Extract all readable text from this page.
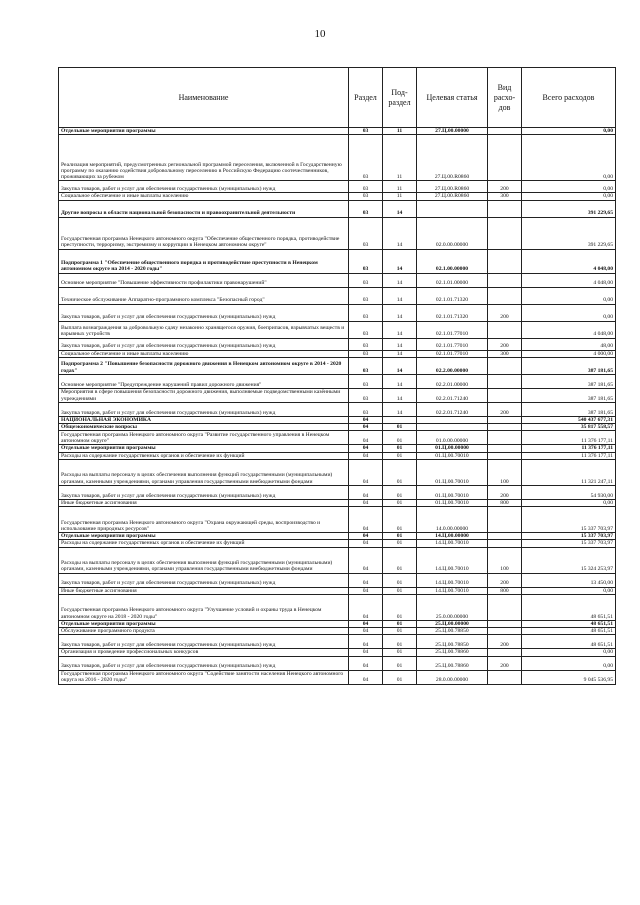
10
Наименование	Раздел	Под-раздел	Целевая статья	Вид расхо-дов	Всего расходов
Отдельные мероприятия программы	03	11	27.Ц.00.00000		0,00
Реализация мероприятий, предусмотренных региональной программой переселения, включенной в Государственную программу по оказанию содействия добровольному переселению в Российскую Федерацию соотечественников, проживающих за рубежом	03	11	27.Ц.00.R0860		0,00
Закупка товаров, работ и услуг для обеспечения государственных (муниципальных) нужд	03	11	27.Ц.00.R0860	200	0,00
Социальное обеспечение и иные выплаты населению	03	11	27.Ц.00.R0860	300	0,00
Другие вопросы в области национальной безопасности и правоохранительной деятельности	03	14			391 229,65
Государственная программа Ненецкого автономного округа "Обеспечение общественного порядка, противодействие преступности, терроризму, экстремизму и коррупции в Ненецком автономном округе"	03	14	02.0.00.00000		391 229,65
Подпрограмма 1 "Обеспечение общественного порядка и противодействие преступности в Ненецком автономном округе на 2014 - 2020 годы"	03	14	02.1.00.00000		4 048,00
Основное мероприятие "Повышение эффективности профилактики правонарушений"	03	14	02.1.01.00000		4 048,00
Техническое обслуживание Аппаратно-программного комплекса "Безопасный город"	03	14	02.1.01.71320		0,00
Закупка товаров, работ и услуг для обеспечения государственных (муниципальных) нужд	03	14	02.1.01.71320	200	0,00
Выплата вознаграждения за добровольную сдачу незаконно хранящегося оружия, боеприпасов, взрывчатых веществ и взрывных устройств	03	14	02.1.01.77010		4 048,00
Закупка товаров, работ и услуг для обеспечения государственных (муниципальных) нужд	03	14	02.1.01.77010	200	48,00
Социальное обеспечение и иные выплаты населению	03	14	02.1.01.77010	300	4 000,00
Подпрограмма 2 "Повышение безопасности дорожного движения в Ненецком автономном округе в 2014 - 2020 годах"	03	14	02.2.00.00000		387 181,65
Основное мероприятие "Предупреждение нарушений правил дорожного движения"	03	14	02.2.01.00000		387 181,65
Мероприятия в сфере повышения безопасности дорожного движения, выполняемые подведомственными казёнными учреждениями	03	14	02.2.01.71240		387 181,65
Закупка товаров, работ и услуг для обеспечения государственных (муниципальных) нужд	03	14	02.2.01.71240	200	387 181,65
НАЦИОНАЛЬНАЯ ЭКОНОМИКА	04				540 437 677,31
Общеэкономические вопросы	04	01			35 817 558,57
Государственная программа Ненецкого автономного округа "Развитие государственного управления в Ненецком автономном округе"	04	01	01.0.00.00000		11 376 177,11
Отдельные мероприятия программы	04	01	01.Ц.00.00000		11 376 177,11
Расходы на содержание государственных органов и обеспечение их функций	04	01	01.Ц.00.70010		11 376 177,11
Расходы на выплаты персоналу в целях обеспечения выполнения функций государственными (муниципальными) органами, казенными учреждениями, органами управления государственными внебюджетными фондами	04	01	01.Ц.00.70010	100	11 321 247,11
Закупка товаров, работ и услуг для обеспечения государственных (муниципальных) нужд	04	01	01.Ц.00.70010	200	54 930,00
Иные бюджетные ассигнования	04	01	01.Ц.00.70010	800	0,00
Государственная программа Ненецкого автономного округа "Охрана окружающей среды, воспроизводство и использование природных ресурсов"	04	01	14.0.00.00000		15 337 703,97
Отдельные мероприятия программы	04	01	14.Ц.00.00000		15 337 703,97
Расходы на содержание государственных органов и обеспечение их функций	04	01	14.Ц.00.70010		15 337 703,97
Расходы на выплаты персоналу в целях обеспечения выполнения функций государственными (муниципальными) органами, казенными учреждениями, органами управления государственными внебюджетными фондами	04	01	14.Ц.00.70010	100	15 324 253,97
Закупка товаров, работ и услуг для обеспечения государственных (муниципальных) нужд	04	01	14.Ц.00.70010	200	13 450,00
Иные бюджетные ассигнования	04	01	14.Ц.00.70010	800	0,00
Государственная программа Ненецкого автономного округа "Улучшение условий и охраны труда в Ненецком автономном округе на 2018 - 2020 годы"	04	01	25.0.00.00000		48 651,51
Отдельные мероприятия программы	04	01	25.Ц.00.00000		48 651,51
Обслуживание программного продукта	04	01	25.Ц.00.78850		48 651,51
Закупка товаров, работ и услуг для обеспечения государственных (муниципальных) нужд	04	01	25.Ц.00.78850	200	48 651,51
Организация и проведение профессиональных конкурсов	04	01	25.Ц.00.78860		0,00
Закупка товаров, работ и услуг для обеспечения государственных (муниципальных) нужд	04	01	25.Ц.00.78860	200	0,00
Государственная программа Ненецкого автономного округа "Содействие занятости населения Ненецкого автономного округа на 2016 - 2020 годы"	04	01	28.0.00.00000		9 045 536,95
